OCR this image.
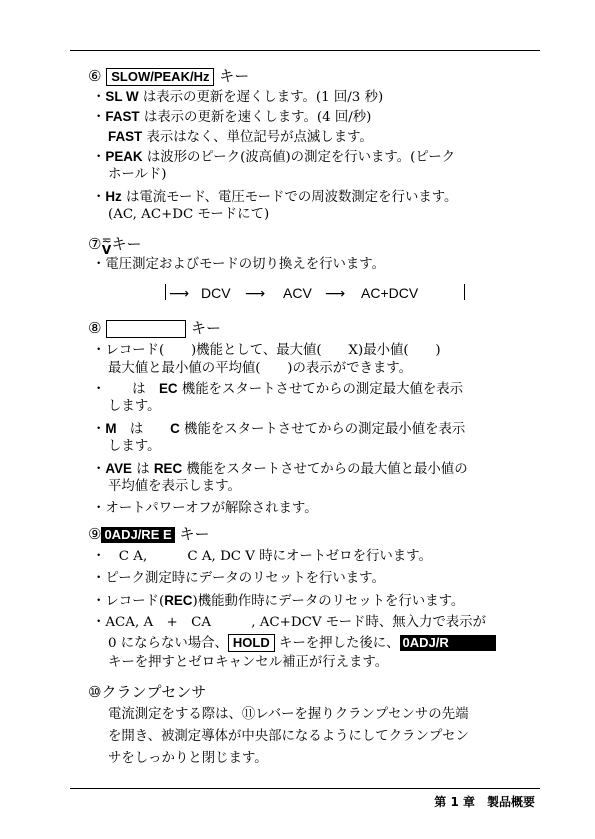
⑥ SLOW/PEAK/Hz キー
・SL W は表示の更新を遅くします。(1 回/3 秒)
・FAST は表示の更新を速くします。(4 回/秒)
FAST 表示はなく、単位記号が点滅します。
・PEAK は波形のピーク(波高値)の測定を行います。(ピーク
ホールド)
・Hz は電流モード、電圧モードでの周波数測定を行います。
(AC, AC+DC モードにて)
⑦≂
Vキー
・電圧測定およびモードの切り換えを行います。
⟶ DCV ⟶ ACV ⟶ AC+DCV
⑧	キー
・レコード(　　)機能として、最大値(　　X)最小値(　　)
最大値と最小値の平均値(　　)の表示ができます。
・　　は　EC 機能をスタートさせてからの測定最大値を表示
します。
・M　は　　C 機能をスタートさせてからの測定最小値を表示
します。
・AVE は REC 機能をスタートさせてからの最大値と最小値の
平均値を表示します。
・オートパワーオフが解除されます。
⑨ 0ADJ/RE E キー
・　C A,　　　C A, DC V 時にオートゼロを行います。
・ピーク測定時にデータのリセットを行います。
・レコード(REC)機能動作時にデータのリセットを行います。
・ACA, A　+　CA　　　, AC+DCV モード時、無入力で表示が
0 にならない場合、 HOLD キーを押した後に、 0ADJ/R
キーを押すとゼロキャンセル補正が行えます。
⑩クランプセンサ
電流測定をする際は、⑪レバーを握りクランプセンサの先端
を開き、被測定導体が中央部になるようにしてクランプセン
サをしっかりと閉じます。
第 1 章　製品概要
